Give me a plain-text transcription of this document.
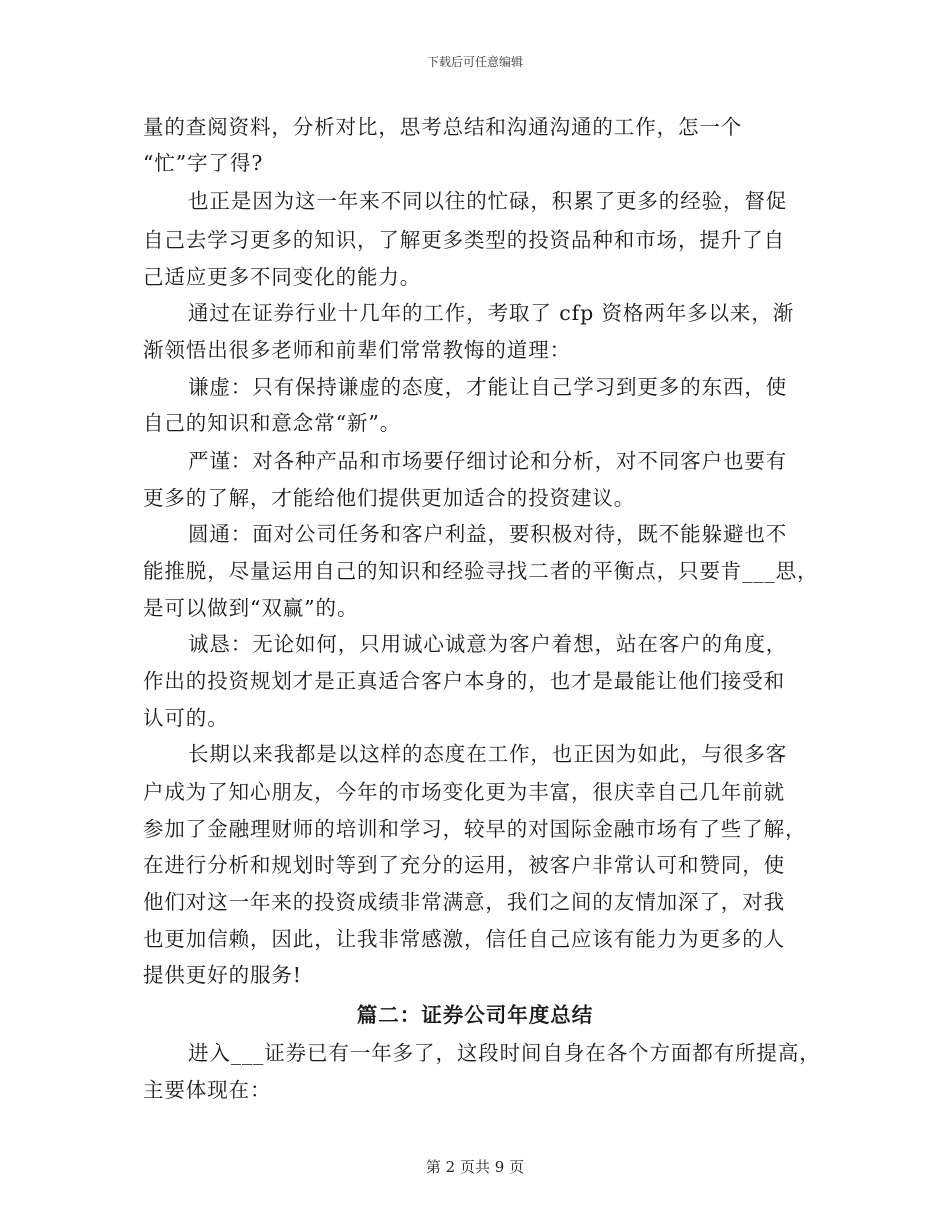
下载后可任意编辑
量的查阅资料，分析对比，思考总结和沟通沟通的工作，怎一个
“忙”字了得?
也正是因为这一年来不同以往的忙碌，积累了更多的经验，督促
自己去学习更多的知识，了解更多类型的投资品种和市场，提升了自
己适应更多不同变化的能力。
通过在证券行业十几年的工作，考取了 cfp 资格两年多以来，渐
渐领悟出很多老师和前辈们常常教悔的道理：
谦虚：只有保持谦虚的态度，才能让自己学习到更多的东西，使
自己的知识和意念常“新”。
严谨：对各种产品和市场要仔细讨论和分析，对不同客户也要有
更多的了解，才能给他们提供更加适合的投资建议。
圆通：面对公司任务和客户利益，要积极对待，既不能躲避也不
能推脱，尽量运用自己的知识和经验寻找二者的平衡点，只要肯___思，
是可以做到“双赢”的。
诚恳：无论如何，只用诚心诚意为客户着想，站在客户的角度，
作出的投资规划才是正真适合客户本身的，也才是最能让他们接受和
认可的。
长期以来我都是以这样的态度在工作，也正因为如此，与很多客
户成为了知心朋友，今年的市场变化更为丰富，很庆幸自己几年前就
参加了金融理财师的培训和学习，较早的对国际金融市场有了些了解，
在进行分析和规划时等到了充分的运用，被客户非常认可和赞同，使
他们对这一年来的投资成绩非常满意，我们之间的友情加深了，对我
也更加信赖，因此，让我非常感激，信任自己应该有能力为更多的人
提供更好的服务!
篇二：证券公司年度总结
进入___证券已有一年多了，这段时间自身在各个方面都有所提高，
主要体现在：
第 2 页共 9 页
